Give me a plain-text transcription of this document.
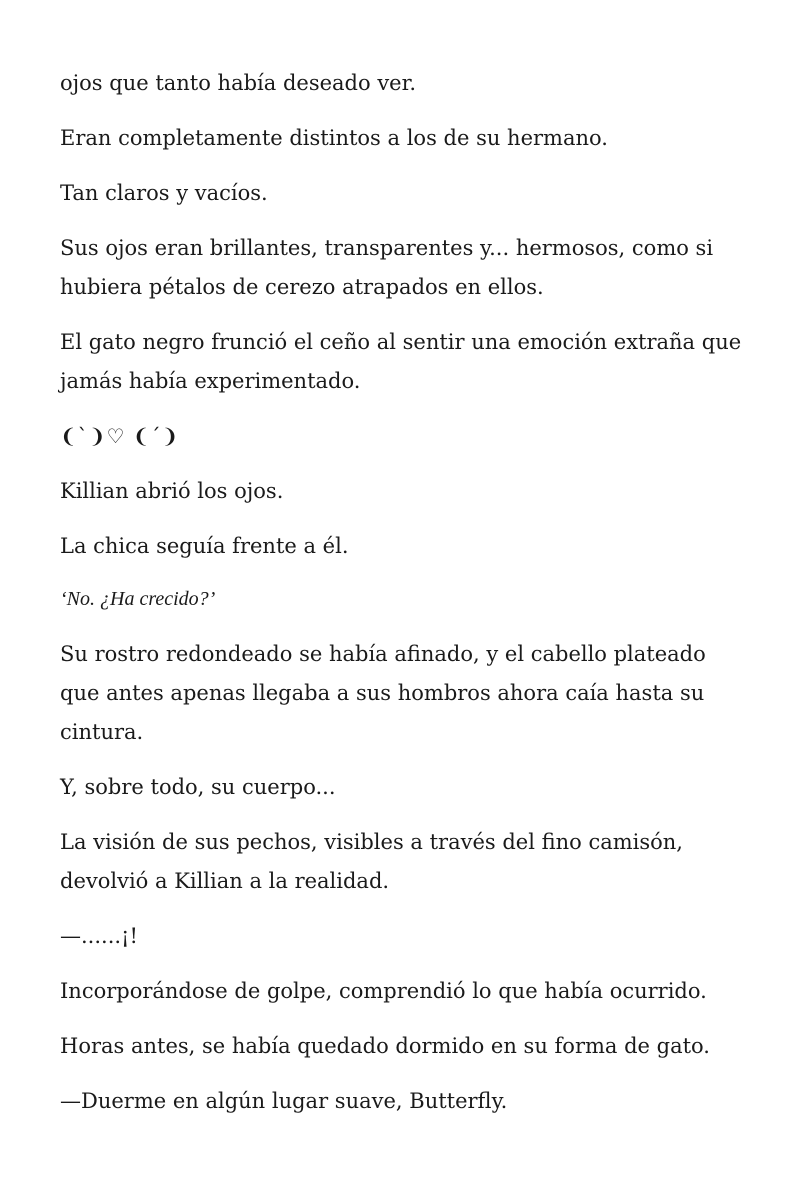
ojos que tanto había deseado ver.

Eran completamente distintos a los de su hermano.

Tan claros y vacíos.

Sus ojos eran brillantes, transparentes y... hermosos, como si hubiera pétalos de cerezo atrapados en ellos.

El gato negro frunció el ceño al sentir una emoción extraña que jamás había experimentado.

❨`❩♡ ❨´❩

Killian abrió los ojos.

La chica seguía frente a él.

‘No. ¿Ha crecido?’

Su rostro redondeado se había afinado, y el cabello plateado que antes apenas llegaba a sus hombros ahora caía hasta su cintura.

Y, sobre todo, su cuerpo...

La visión de sus pechos, visibles a través del fino camisón, devolvió a Killian a la realidad.

—......¡!

Incorporándose de golpe, comprendió lo que había ocurrido.

Horas antes, se había quedado dormido en su forma de gato.

—Duerme en algún lugar suave, Butterfly.
